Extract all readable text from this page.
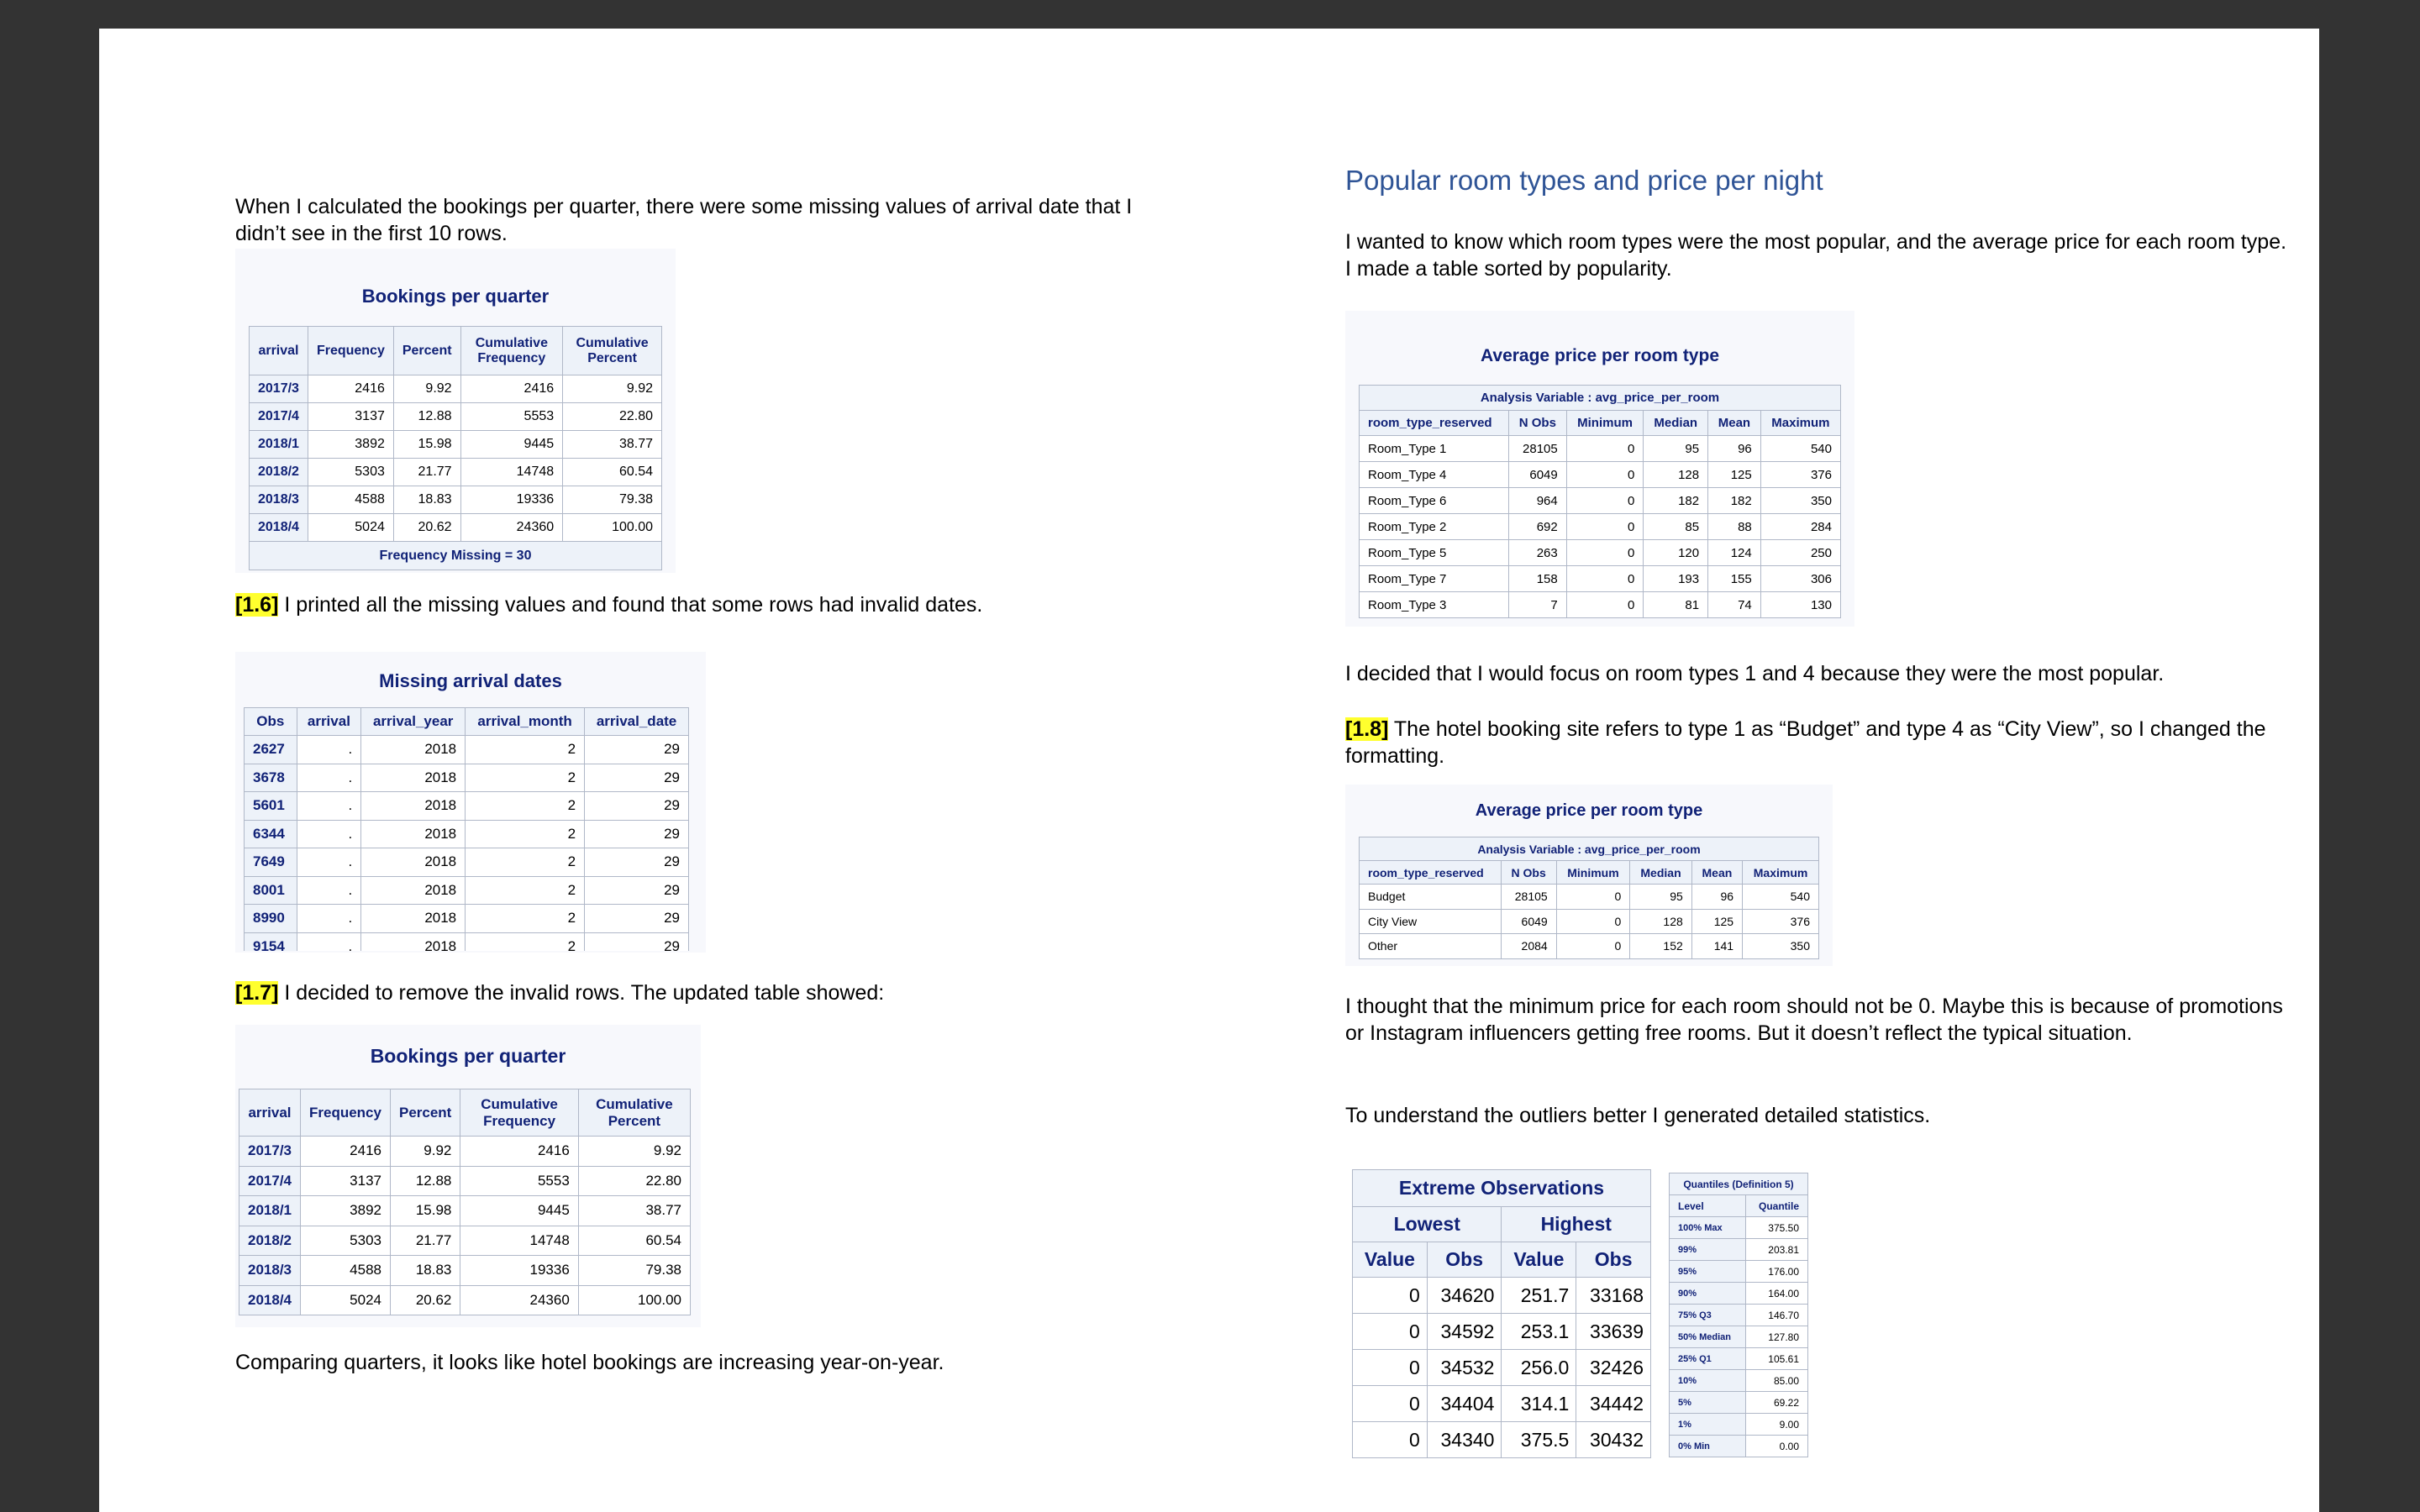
When I calculated the bookings per quarter, there were some missing values of arrival date that I didn’t see in the first 10 rows.

Bookings per quarter
arrival	Frequency	Percent	Cumulative Frequency	Cumulative Percent
2017/3	2416	9.92	2416	9.92
2017/4	3137	12.88	5553	22.80
2018/1	3892	15.98	9445	38.77
2018/2	5303	21.77	14748	60.54
2018/3	4588	18.83	19336	79.38
2018/4	5024	20.62	24360	100.00
Frequency Missing = 30				

[1.6] I printed all the missing values and found that some rows had invalid dates.

Missing arrival dates
Obs	arrival	arrival_year	arrival_month	arrival_date
2627	.	2018	2	29
3678	.	2018	2	29
5601	.	2018	2	29
6344	.	2018	2	29
7649	.	2018	2	29
8001	.	2018	2	29
8990	.	2018	2	29
9154	.	2018	2	29

[1.7] I decided to remove the invalid rows. The updated table showed:

Bookings per quarter
arrival	Frequency	Percent	Cumulative Frequency	Cumulative Percent
2017/3	2416	9.92	2416	9.92
2017/4	3137	12.88	5553	22.80
2018/1	3892	15.98	9445	38.77
2018/2	5303	21.77	14748	60.54
2018/3	4588	18.83	19336	79.38
2018/4	5024	20.62	24360	100.00

Comparing quarters, it looks like hotel bookings are increasing year-on-year.

Popular room types and price per night

I wanted to know which room types were the most popular, and the average price for each room type. I made a table sorted by popularity.

Average price per room type
Analysis Variable : avg_price_per_room					
room_type_reserved	N Obs	Minimum	Median	Mean	Maximum
Room_Type 1	28105	0	95	96	540
Room_Type 4	6049	0	128	125	376
Room_Type 6	964	0	182	182	350
Room_Type 2	692	0	85	88	284
Room_Type 5	263	0	120	124	250
Room_Type 7	158	0	193	155	306
Room_Type 3	7	0	81	74	130

I decided that I would focus on room types 1 and 4 because they were the most popular.

[1.8] The hotel booking site refers to type 1 as “Budget” and type 4 as “City View”, so I changed the formatting.

Average price per room type
Analysis Variable : avg_price_per_room					
room_type_reserved	N Obs	Minimum	Median	Mean	Maximum
Budget	28105	0	95	96	540
City View	6049	0	128	125	376
Other	2084	0	152	141	350

I thought that the minimum price for each room should not be 0. Maybe this is because of promotions or Instagram influencers getting free rooms. But it doesn’t reflect the typical situation.

To understand the outliers better I generated detailed statistics.

Extreme Observations			
Lowest		Highest	
Value	Obs	Value	Obs
0	34620	251.7	33168
0	34592	253.1	33639
0	34532	256.0	32426
0	34404	314.1	34442
0	34340	375.5	30432
Quantiles (Definition 5)	
Level	Quantile
100% Max	375.50
99%	203.81
95%	176.00
90%	164.00
75% Q3	146.70
50% Median	127.80
25% Q1	105.61
10%	85.00
5%	69.22
1%	9.00
0% Min	0.00
